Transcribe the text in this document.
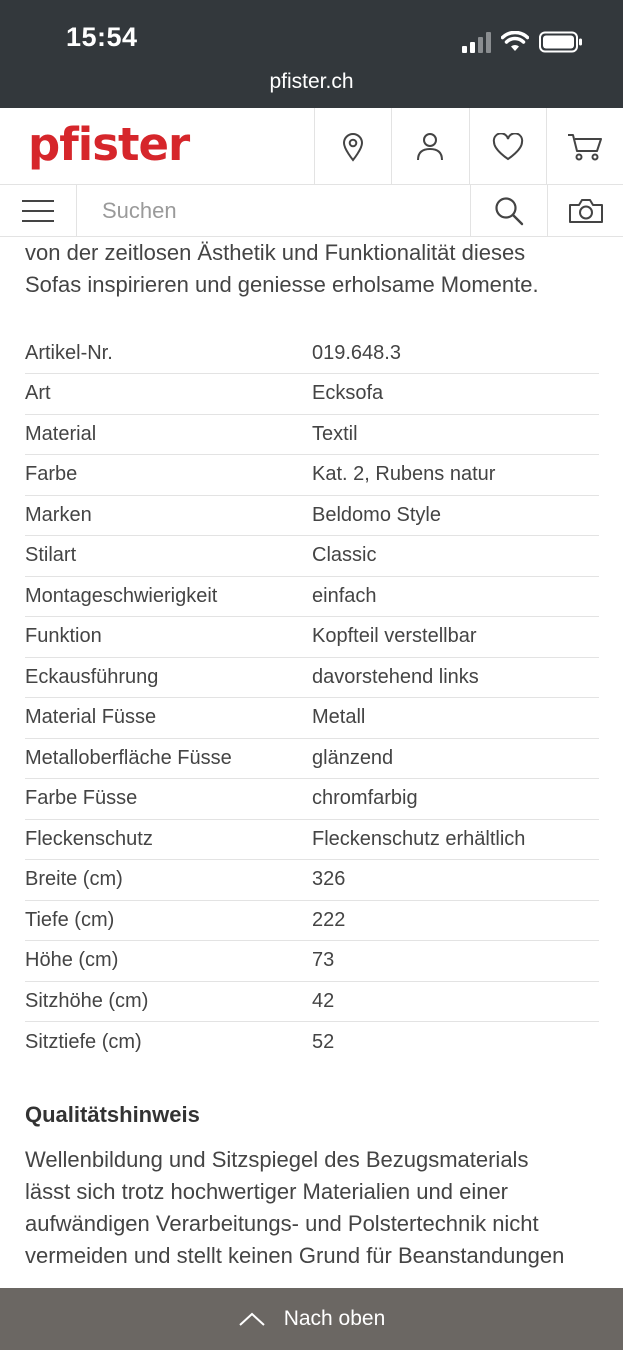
15:54
pfister.ch
pfister
Suchen
von der zeitlosen Ästhetik und Funktionalität dieses
Sofas inspirieren und geniesse erholsame Momente.
Artikel-Nr.	019.648.3
Art	Ecksofa
Material	Textil
Farbe	Kat. 2, Rubens natur
Marken	Beldomo Style
Stilart	Classic
Montageschwierigkeit	einfach
Funktion	Kopfteil verstellbar
Eckausführung	davorstehend links
Material Füsse	Metall
Metalloberfläche Füsse	glänzend
Farbe Füsse	chromfarbig
Fleckenschutz	Fleckenschutz erhältlich
Breite (cm)	326
Tiefe (cm)	222
Höhe (cm)	73
Sitzhöhe (cm)	42
Sitztiefe (cm)	52
Qualitätshinweis
Wellenbildung und Sitzspiegel des Bezugsmaterials
lässt sich trotz hochwertiger Materialien und einer
aufwändigen Verarbeitungs- und Polstertechnik nicht
vermeiden und stellt keinen Grund für Beanstandungen
Nach oben
